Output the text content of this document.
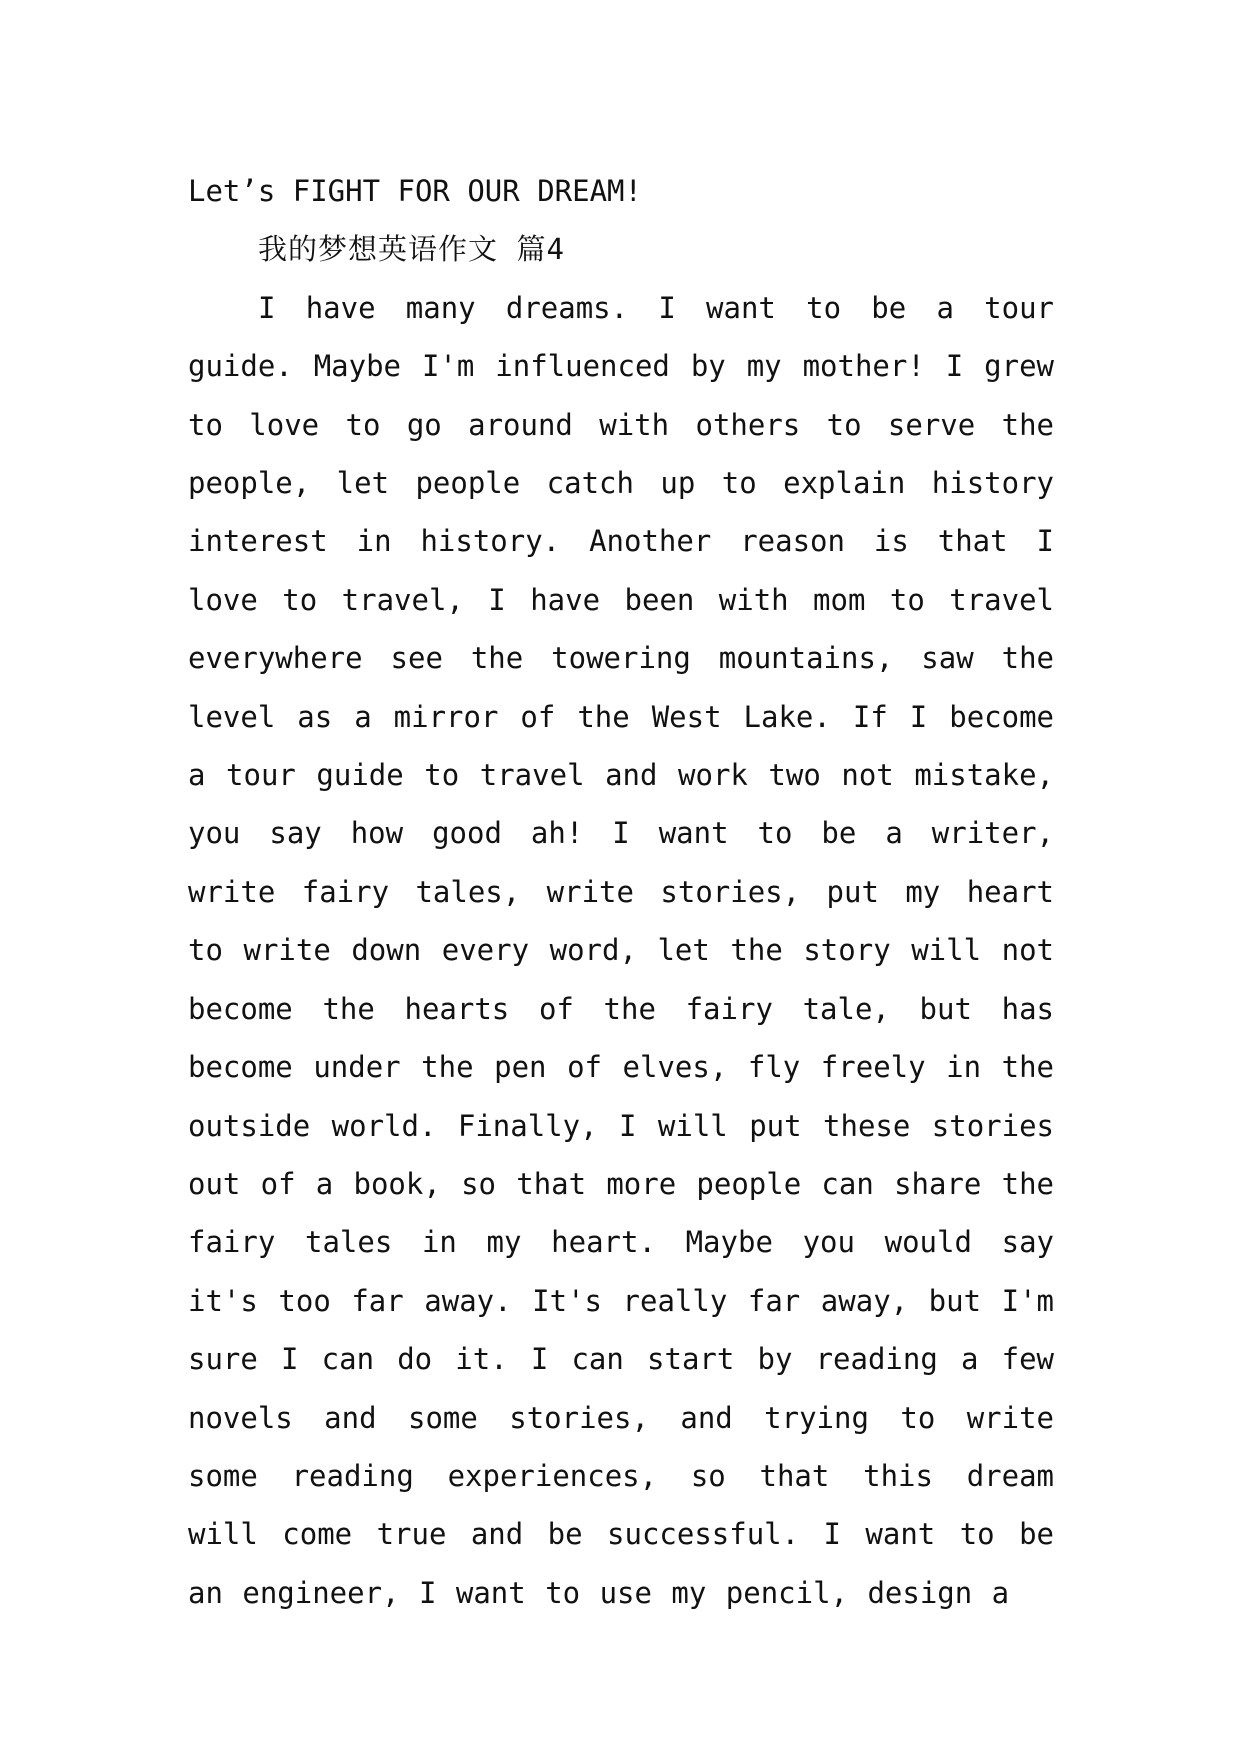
Let’s FIGHT FOR OUR DREAM!
我的梦想英语作文 篇4

I have many dreams. I want to be a tour guide. Maybe I'm influenced by my mother! I grew to love to go around with others to serve the people, let people catch up to explain history interest in history. Another reason is that I love to travel, I have been with mom to travel everywhere see the towering mountains, saw the level as a mirror of the West Lake. If I become a tour guide to travel and work two not mistake, you say how good ah! I want to be a writer, write fairy tales, write stories, put my heart to write down every word, let the story will not become the hearts of the fairy tale, but has become under the pen of elves, fly freely in the outside world. Finally, I will put these stories out of a book, so that more people can share the fairy tales in my heart. Maybe you would say it's too far away. It's really far away, but I'm sure I can do it. I can start by reading a few novels and some stories, and trying to write some reading experiences, so that this dream will come true and be successful. I want to be an engineer, I want to use my pencil, design a
